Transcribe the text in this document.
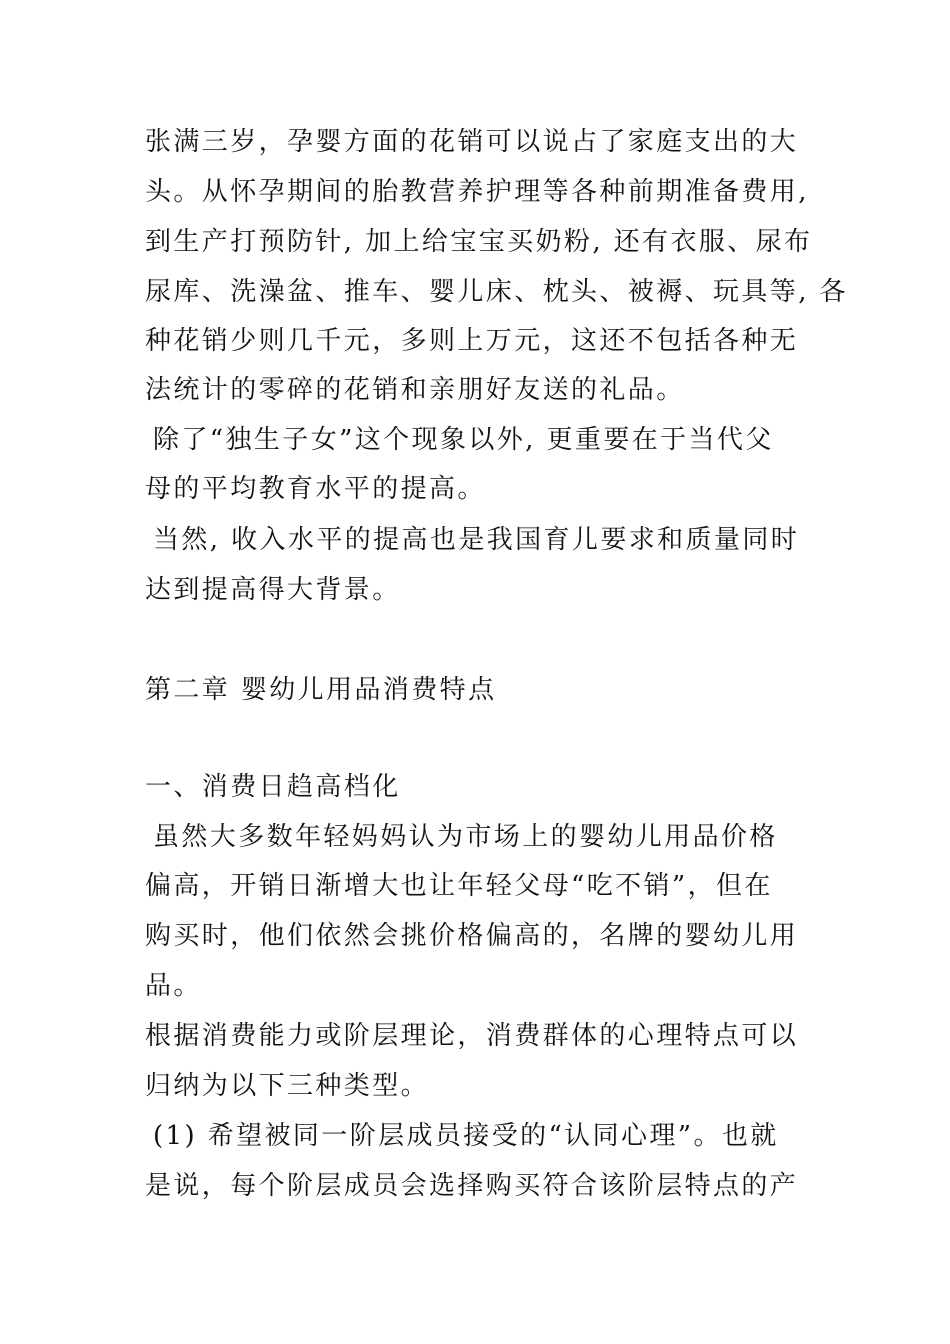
张满三岁，孕婴方面的花销可以说占了家庭支出的大
头。从怀孕期间的胎教营养护理等各种前期准备费用,
到生产打预防针, 加上给宝宝买奶粉, 还有衣服、尿布
尿库、洗澡盆、推车、婴儿床、枕头、被褥、玩具等, 各
种花销少则几千元，多则上万元，这还不包括各种无
法统计的零碎的花销和亲朋好友送的礼品。
除了“独生子女”这个现象以外, 更重要在于当代父
母的平均教育水平的提高。
当然, 收入水平的提高也是我国育儿要求和质量同时
达到提高得大背景。
第二章 婴幼儿用品消费特点
一、消费日趋高档化
虽然大多数年轻妈妈认为市场上的婴幼儿用品价格
偏高，开销日渐增大也让年轻父母“吃不销”，但在
购买时，他们依然会挑价格偏高的，名牌的婴幼儿用
品。
根据消费能力或阶层理论，消费群体的心理特点可以
归纳为以下三种类型。
(1) 希望被同一阶层成员接受的“认同心理”。也就
是说，每个阶层成员会选择购买符合该阶层特点的产
